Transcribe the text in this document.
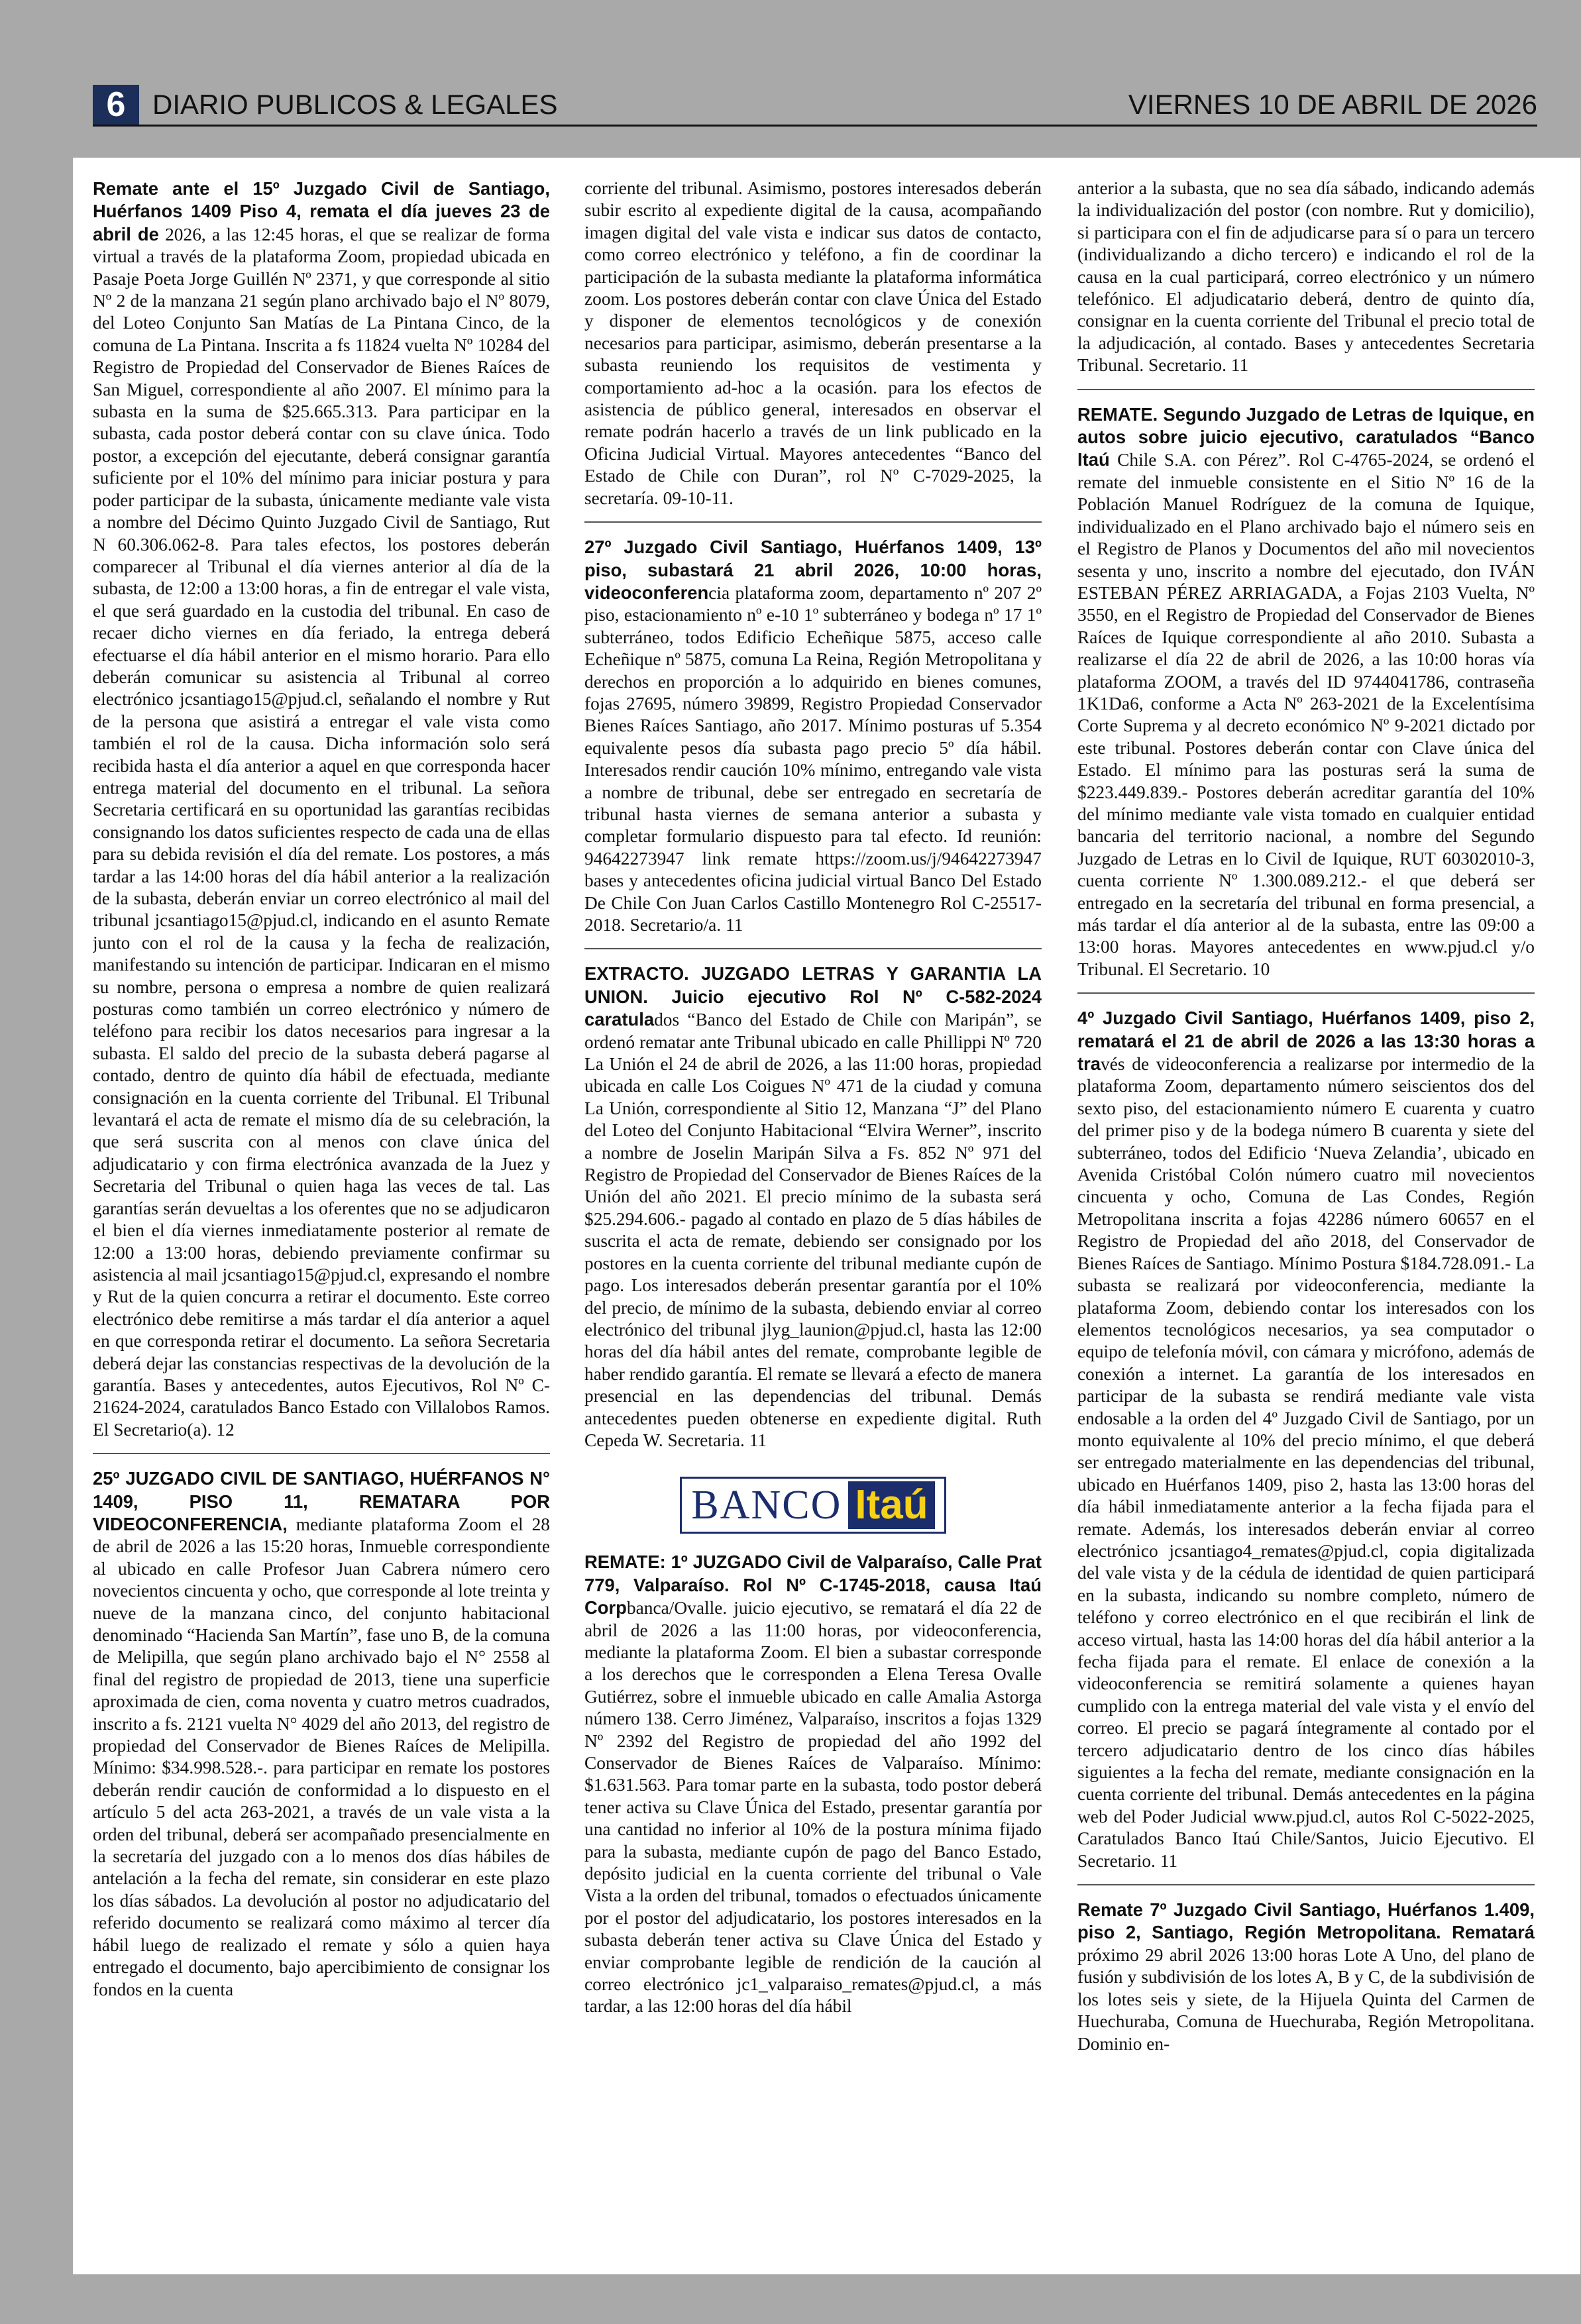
6 DIARIO PUBLICOS & LEGALES	VIERNES 10 DE ABRIL DE 2026

Remate ante el 15º Juzgado Civil de Santiago, Huérfanos 1409 Piso 4, remata el día jueves 23 de abril de 2026, a las 12:45 horas, el que se realizar de forma virtual a través de la plataforma Zoom, propiedad ubicada en Pasaje Poeta Jorge Guillén Nº 2371, y que corresponde al sitio Nº 2 de la manzana 21 según plano archivado bajo el Nº 8079, del Loteo Conjunto San Matías de La Pintana Cinco, de la comuna de La Pintana. Inscrita a fs 11824 vuelta Nº 10284 del Registro de Propiedad del Conservador de Bienes Raíces de San Miguel, correspondiente al año 2007. El mínimo para la subasta en la suma de $25.665.313. Para participar en la subasta, cada postor deberá contar con su clave única. Todo postor, a excepción del ejecutante, deberá consignar garantía suficiente por el 10% del mínimo para iniciar postura y para poder participar de la subasta, únicamente mediante vale vista a nombre del Décimo Quinto Juzgado Civil de Santiago, Rut N 60.306.062-8. Para tales efectos, los postores deberán comparecer al Tribunal el día viernes anterior al día de la subasta, de 12:00 a 13:00 horas, a fin de entregar el vale vista, el que será guardado en la custodia del tribunal. En caso de recaer dicho viernes en día feriado, la entrega deberá efectuarse el día hábil anterior en el mismo horario. Para ello deberán comunicar su asistencia al Tribunal al correo electrónico jcsantiago15@pjud.cl, señalando el nombre y Rut de la persona que asistirá a entregar el vale vista como también el rol de la causa. Dicha información solo será recibida hasta el día anterior a aquel en que corresponda hacer entrega material del documento en el tribunal. La señora Secretaria certificará en su oportunidad las garantías recibidas consignando los datos suficientes respecto de cada una de ellas para su debida revisión el día del remate. Los postores, a más tardar a las 14:00 horas del día hábil anterior a la realización de la subasta, deberán enviar un correo electrónico al mail del tribunal jcsantiago15@pjud.cl, indicando en el asunto Remate junto con el rol de la causa y la fecha de realización, manifestando su intención de participar. Indicaran en el mismo su nombre, persona o empresa a nombre de quien realizará posturas como también un correo electrónico y número de teléfono para recibir los datos necesarios para ingresar a la subasta. El saldo del precio de la subasta deberá pagarse al contado, dentro de quinto día hábil de efectuada, mediante consignación en la cuenta corriente del Tribunal. El Tribunal levantará el acta de remate el mismo día de su celebración, la que será suscrita con al menos con clave única del adjudicatario y con firma electrónica avanzada de la Juez y Secretaria del Tribunal o quien haga las veces de tal. Las garantías serán devueltas a los oferentes que no se adjudicaron el bien el día viernes inmediatamente posterior al remate de 12:00 a 13:00 horas, debiendo previamente confirmar su asistencia al mail jcsantiago15@pjud.cl, expresando el nombre y Rut de la quien concurra a retirar el documento. Este correo electrónico debe remitirse a más tardar el día anterior a aquel en que corresponda retirar el documento. La señora Secretaria deberá dejar las constancias respectivas de la devolución de la garantía. Bases y antecedentes, autos Ejecutivos, Rol Nº C-21624-2024, caratulados Banco Estado con Villalobos Ramos. El Secretario(a). 12

25º JUZGADO CIVIL DE SANTIAGO, HUÉRFANOS N° 1409, PISO 11, REMATARA POR VIDEOCONFERENCIA, mediante plataforma Zoom el 28 de abril de 2026 a las 15:20 horas, Inmueble correspondiente al ubicado en calle Profesor Juan Cabrera número cero novecientos cincuenta y ocho, que corresponde al lote treinta y nueve de la manzana cinco, del conjunto habitacional denominado “Hacienda San Martín”, fase uno B, de la comuna de Melipilla, que según plano archivado bajo el N° 2558 al final del registro de propiedad de 2013, tiene una superficie aproximada de cien, coma noventa y cuatro metros cuadrados, inscrito a fs. 2121 vuelta N° 4029 del año 2013, del registro de propiedad del Conservador de Bienes Raíces de Melipilla. Mínimo: $34.998.528.-. para participar en remate los postores deberán rendir caución de conformidad a lo dispuesto en el artículo 5 del acta 263-2021, a través de un vale vista a la orden del tribunal, deberá ser acompañado presencialmente en la secretaría del juzgado con a lo menos dos días hábiles de antelación a la fecha del remate, sin considerar en este plazo los días sábados. La devolución al postor no adjudicatario del referido documento se realizará como máximo al tercer día hábil luego de realizado el remate y sólo a quien haya entregado el documento, bajo apercibimiento de consignar los fondos en la cuenta

corriente del tribunal. Asimismo, postores interesados deberán subir escrito al expediente digital de la causa, acompañando imagen digital del vale vista e indicar sus datos de contacto, como correo electrónico y teléfono, a fin de coordinar la participación de la subasta mediante la plataforma informática zoom. Los postores deberán contar con clave Única del Estado y disponer de elementos tecnológicos y de conexión necesarios para participar, asimismo, deberán presentarse a la subasta reuniendo los requisitos de vestimenta y comportamiento ad-hoc a la ocasión. para los efectos de asistencia de público general, interesados en observar el remate podrán hacerlo a través de un link publicado en la Oficina Judicial Virtual. Mayores antecedentes “Banco del Estado de Chile con Duran”, rol Nº C-7029-2025, la secretaría. 09-10-11.

27º Juzgado Civil Santiago, Huérfanos 1409, 13º piso, subastará 21 abril 2026, 10:00 horas, videoconferencia plataforma zoom, departamento nº 207 2º piso, estacionamiento nº e-10 1º subterráneo y bodega nº 17 1º subterráneo, todos Edificio Echeñique 5875, acceso calle Echeñique nº 5875, comuna La Reina, Región Metropolitana y derechos en proporción a lo adquirido en bienes comunes, fojas 27695, número 39899, Registro Propiedad Conservador Bienes Raíces Santiago, año 2017. Mínimo posturas uf 5.354 equivalente pesos día subasta pago precio 5º día hábil. Interesados rendir caución 10% mínimo, entregando vale vista a nombre de tribunal, debe ser entregado en secretaría de tribunal hasta viernes de semana anterior a subasta y completar formulario dispuesto para tal efecto. Id reunión: 94642273947 link remate https://zoom.us/j/94642273947 bases y antecedentes oficina judicial virtual Banco Del Estado De Chile Con Juan Carlos Castillo Montenegro Rol C-25517-2018. Secretario/a. 11

EXTRACTO. JUZGADO LETRAS Y GARANTIA LA UNION. Juicio ejecutivo Rol Nº C-582-2024 caratulados “Banco del Estado de Chile con Maripán”, se ordenó rematar ante Tribunal ubicado en calle Phillippi Nº 720 La Unión el 24 de abril de 2026, a las 11:00 horas, propiedad ubicada en calle Los Coigues Nº 471 de la ciudad y comuna La Unión, correspondiente al Sitio 12, Manzana “J” del Plano del Loteo del Conjunto Habitacional “Elvira Werner”, inscrito a nombre de Joselin Maripán Silva a Fs. 852 Nº 971 del Registro de Propiedad del Conservador de Bienes Raíces de la Unión del año 2021. El precio mínimo de la subasta será $25.294.606.- pagado al contado en plazo de 5 días hábiles de suscrita el acta de remate, debiendo ser consignado por los postores en la cuenta corriente del tribunal mediante cupón de pago. Los interesados deberán presentar garantía por el 10% del precio, de mínimo de la subasta, debiendo enviar al correo electrónico del tribunal jlyg_launion@pjud.cl, hasta las 12:00 horas del día hábil antes del remate, comprobante legible de haber rendido garantía. El remate se llevará a efecto de manera presencial en las dependencias del tribunal. Demás antecedentes pueden obtenerse en expediente digital. Ruth Cepeda W. Secretaria. 11

BANCO Itaú

REMATE: 1º JUZGADO Civil de Valparaíso, Calle Prat 779, Valparaíso. Rol Nº C-1745-2018, causa Itaú Corpbanca/Ovalle. juicio ejecutivo, se rematará el día 22 de abril de 2026 a las 11:00 horas, por videoconferencia, mediante la plataforma Zoom. El bien a subastar corresponde a los derechos que le corresponden a Elena Teresa Ovalle Gutiérrez, sobre el inmueble ubicado en calle Amalia Astorga número 138. Cerro Jiménez, Valparaíso, inscritos a fojas 1329 Nº 2392 del Registro de propiedad del año 1992 del Conservador de Bienes Raíces de Valparaíso. Mínimo: $1.631.563. Para tomar parte en la subasta, todo postor deberá tener activa su Clave Única del Estado, presentar garantía por una cantidad no inferior al 10% de la postura mínima fijado para la subasta, mediante cupón de pago del Banco Estado, depósito judicial en la cuenta corriente del tribunal o Vale Vista a la orden del tribunal, tomados o efectuados únicamente por el postor del adjudicatario, los postores interesados en la subasta deberán tener activa su Clave Única del Estado y enviar comprobante legible de rendición de la caución al correo electrónico jc1_valparaiso_remates@pjud.cl, a más tardar, a las 12:00 horas del día hábil

anterior a la subasta, que no sea día sábado, indicando además la individualización del postor (con nombre. Rut y domicilio), si participara con el fin de adjudicarse para sí o para un tercero (individualizando a dicho tercero) e indicando el rol de la causa en la cual participará, correo electrónico y un número telefónico. El adjudicatario deberá, dentro de quinto día, consignar en la cuenta corriente del Tribunal el precio total de la adjudicación, al contado. Bases y antecedentes Secretaria Tribunal. Secretario. 11

REMATE. Segundo Juzgado de Letras de Iquique, en autos sobre juicio ejecutivo, caratulados “Banco Itaú Chile S.A. con Pérez”. Rol C-4765-2024, se ordenó el remate del inmueble consistente en el Sitio Nº 16 de la Población Manuel Rodríguez de la comuna de Iquique, individualizado en el Plano archivado bajo el número seis en el Registro de Planos y Documentos del año mil novecientos sesenta y uno, inscrito a nombre del ejecutado, don IVÁN ESTEBAN PÉREZ ARRIAGADA, a Fojas 2103 Vuelta, Nº 3550, en el Registro de Propiedad del Conservador de Bienes Raíces de Iquique correspondiente al año 2010. Subasta a realizarse el día 22 de abril de 2026, a las 10:00 horas vía plataforma ZOOM, a través del ID 9744041786, contraseña 1K1Da6, conforme a Acta Nº 263-2021 de la Excelentísima Corte Suprema y al decreto económico Nº 9-2021 dictado por este tribunal. Postores deberán contar con Clave única del Estado. El mínimo para las posturas será la suma de $223.449.839.- Postores deberán acreditar garantía del 10% del mínimo mediante vale vista tomado en cualquier entidad bancaria del territorio nacional, a nombre del Segundo Juzgado de Letras en lo Civil de Iquique, RUT 60302010-3, cuenta corriente Nº 1.300.089.212.- el que deberá ser entregado en la secretaría del tribunal en forma presencial, a más tardar el día anterior al de la subasta, entre las 09:00 a 13:00 horas. Mayores antecedentes en www.pjud.cl y/o Tribunal. El Secretario. 10

4º Juzgado Civil Santiago, Huérfanos 1409, piso 2, rematará el 21 de abril de 2026 a las 13:30 horas a través de videoconferencia a realizarse por intermedio de la plataforma Zoom, departamento número seiscientos dos del sexto piso, del estacionamiento número E cuarenta y cuatro del primer piso y de la bodega número B cuarenta y siete del subterráneo, todos del Edificio ‘Nueva Zelandia’, ubicado en Avenida Cristóbal Colón número cuatro mil novecientos cincuenta y ocho, Comuna de Las Condes, Región Metropolitana inscrita a fojas 42286 número 60657 en el Registro de Propiedad del año 2018, del Conservador de Bienes Raíces de Santiago. Mínimo Postura $184.728.091.- La subasta se realizará por videoconferencia, mediante la plataforma Zoom, debiendo contar los interesados con los elementos tecnológicos necesarios, ya sea computador o equipo de telefonía móvil, con cámara y micrófono, además de conexión a internet. La garantía de los interesados en participar de la subasta se rendirá mediante vale vista endosable a la orden del 4º Juzgado Civil de Santiago, por un monto equivalente al 10% del precio mínimo, el que deberá ser entregado materialmente en las dependencias del tribunal, ubicado en Huérfanos 1409, piso 2, hasta las 13:00 horas del día hábil inmediatamente anterior a la fecha fijada para el remate. Además, los interesados deberán enviar al correo electrónico jcsantiago4_remates@pjud.cl, copia digitalizada del vale vista y de la cédula de identidad de quien participará en la subasta, indicando su nombre completo, número de teléfono y correo electrónico en el que recibirán el link de acceso virtual, hasta las 14:00 horas del día hábil anterior a la fecha fijada para el remate. El enlace de conexión a la videoconferencia se remitirá solamente a quienes hayan cumplido con la entrega material del vale vista y el envío del correo. El precio se pagará íntegramente al contado por el tercero adjudicatario dentro de los cinco días hábiles siguientes a la fecha del remate, mediante consignación en la cuenta corriente del tribunal. Demás antecedentes en la página web del Poder Judicial www.pjud.cl, autos Rol C-5022-2025, Caratulados Banco Itaú Chile/Santos, Juicio Ejecutivo. El Secretario. 11

Remate 7º Juzgado Civil Santiago, Huérfanos 1.409, piso 2, Santiago, Región Metropolitana. Rematará próximo 29 abril 2026 13:00 horas Lote A Uno, del plano de fusión y subdivisión de los lotes A, B y C, de la subdivisión de los lotes seis y siete, de la Hijuela Quinta del Carmen de Huechuraba, Comuna de Huechuraba, Región Metropolitana. Dominio en-
